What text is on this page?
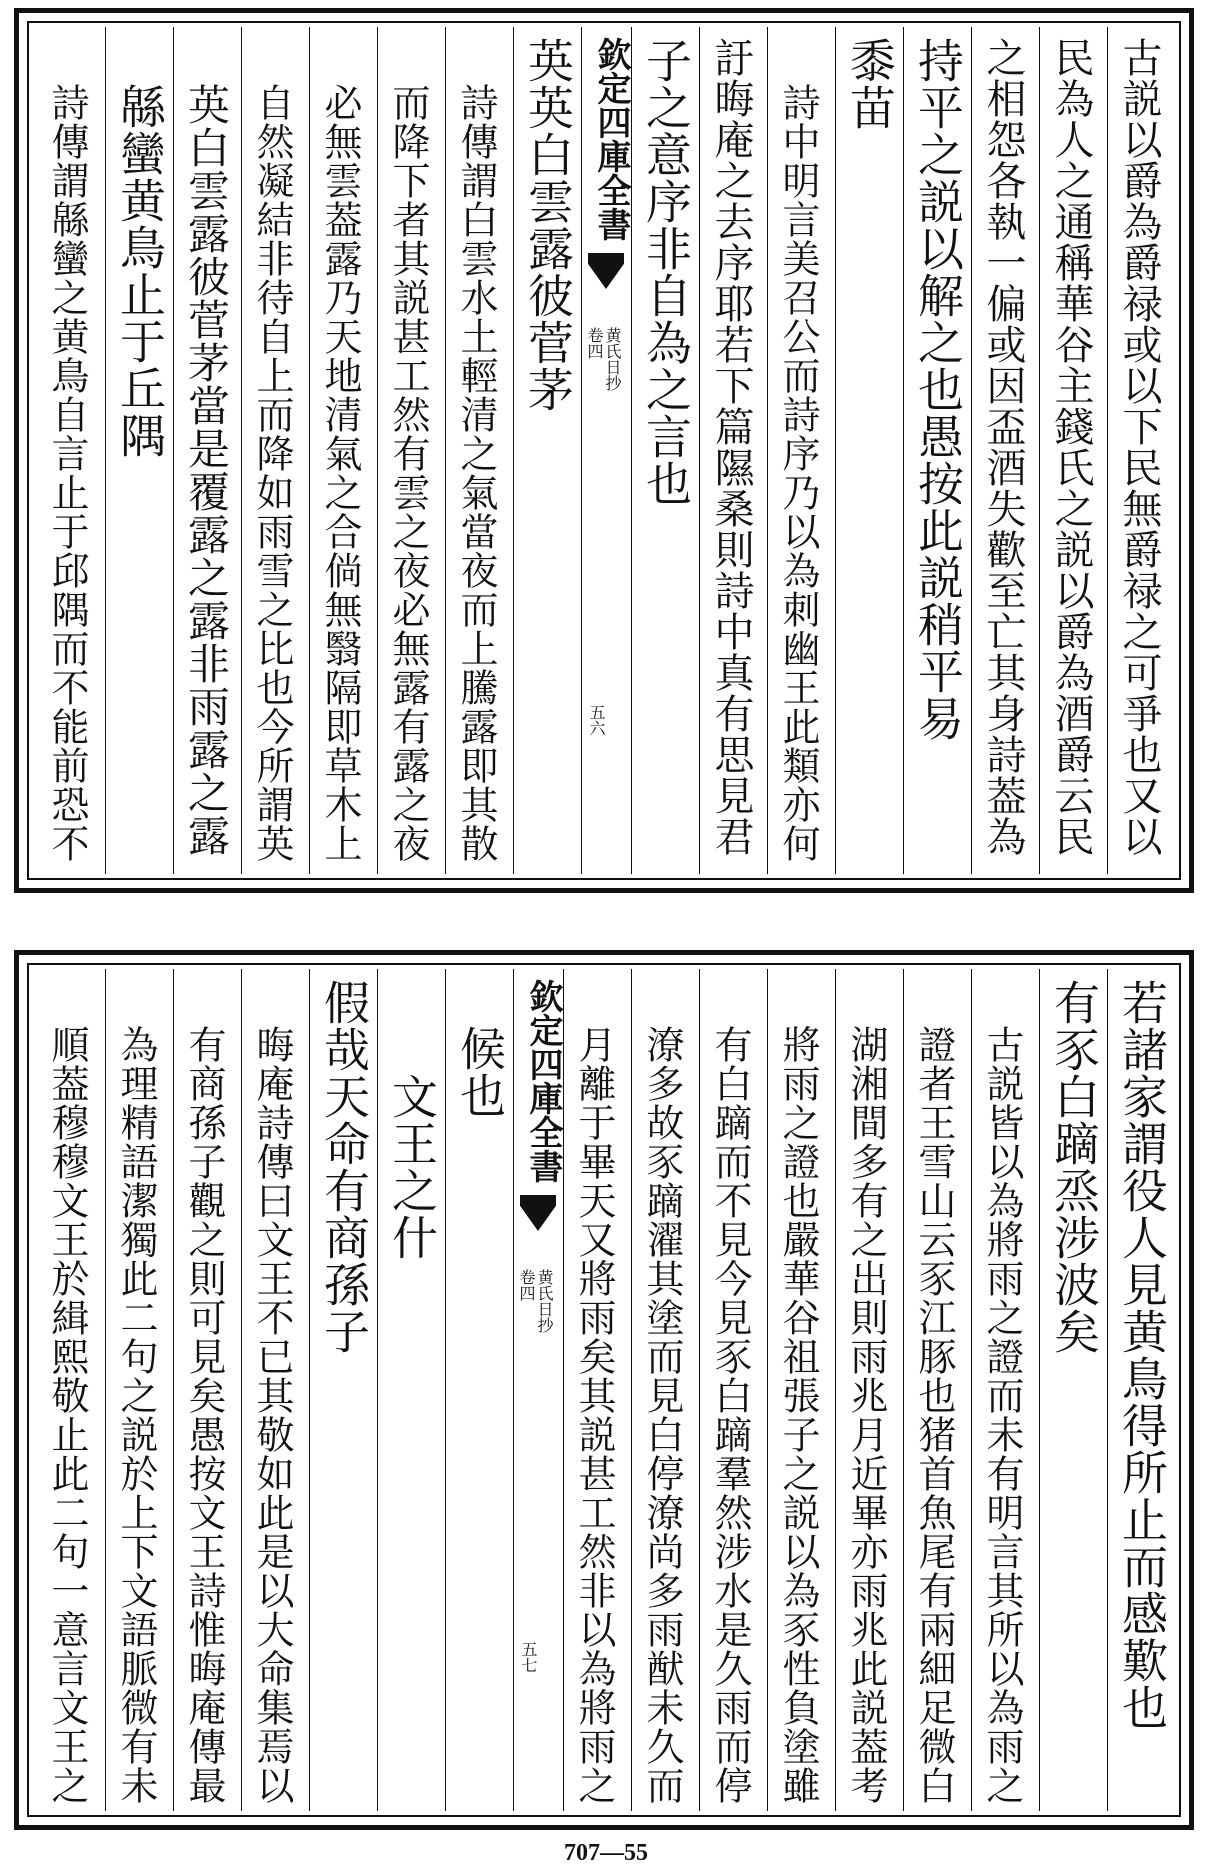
古説以爵為爵禄或以下民無爵禄之可爭也又以
民為人之通稱華谷主錢氏之説以爵為酒爵云民
之相怨各執一偏或因盃酒失歡至亡其身詩葢為
持平之説以解之也愚按此説稍平易
黍苗
詩中明言美召公而詩序乃以為刺幽王此類亦何
訏晦庵之去序耶若下篇隰桑則詩中真有思見君
子之意序非自為之言也
欽定四庫全書
黄氏日抄
卷四
五六
英英白雲露彼菅茅
詩傳謂白雲水土輕清之氣當夜而上騰露即其散
而降下者其説甚工然有雲之夜必無露有露之夜
必無雲葢露乃天地清氣之合倘無翳隔即草木上
自然凝結非待自上而降如雨雪之比也今所謂英
英白雲露彼菅茅當是覆露之露非雨露之露
緜蠻黄鳥止于丘隅
詩傳謂緜蠻之黄鳥自言止于邱隅而不能前恐不
若諸家謂役人見黄鳥得所止而感歎也
有豕白蹢烝涉波矣
古説皆以為將雨之證而未有明言其所以為雨之
證者王雪山云豕江豚也猪首魚尾有兩細足微白
湖湘間多有之出則雨兆月近畢亦雨兆此説葢考
將雨之證也嚴華谷祖張子之説以為豕性負塗雖
有白蹢而不見今見豕白蹢羣然涉水是久雨而停
潦多故豕蹢濯其塗而見白停潦尚多雨猷未久而
月離于畢天又將雨矣其説甚工然非以為將雨之
欽定四庫全書
黄氏日抄
卷四
五七
候也
文王之什
假哉天命有商孫子
晦庵詩傳曰文王不已其敬如此是以大命集焉以
有商孫子觀之則可見矣愚按文王詩惟晦庵傳最
為理精語潔獨此二句之説於上下文語脈微有未
順葢穆穆文王於緝熙敬止此二句一意言文王之
707—55
